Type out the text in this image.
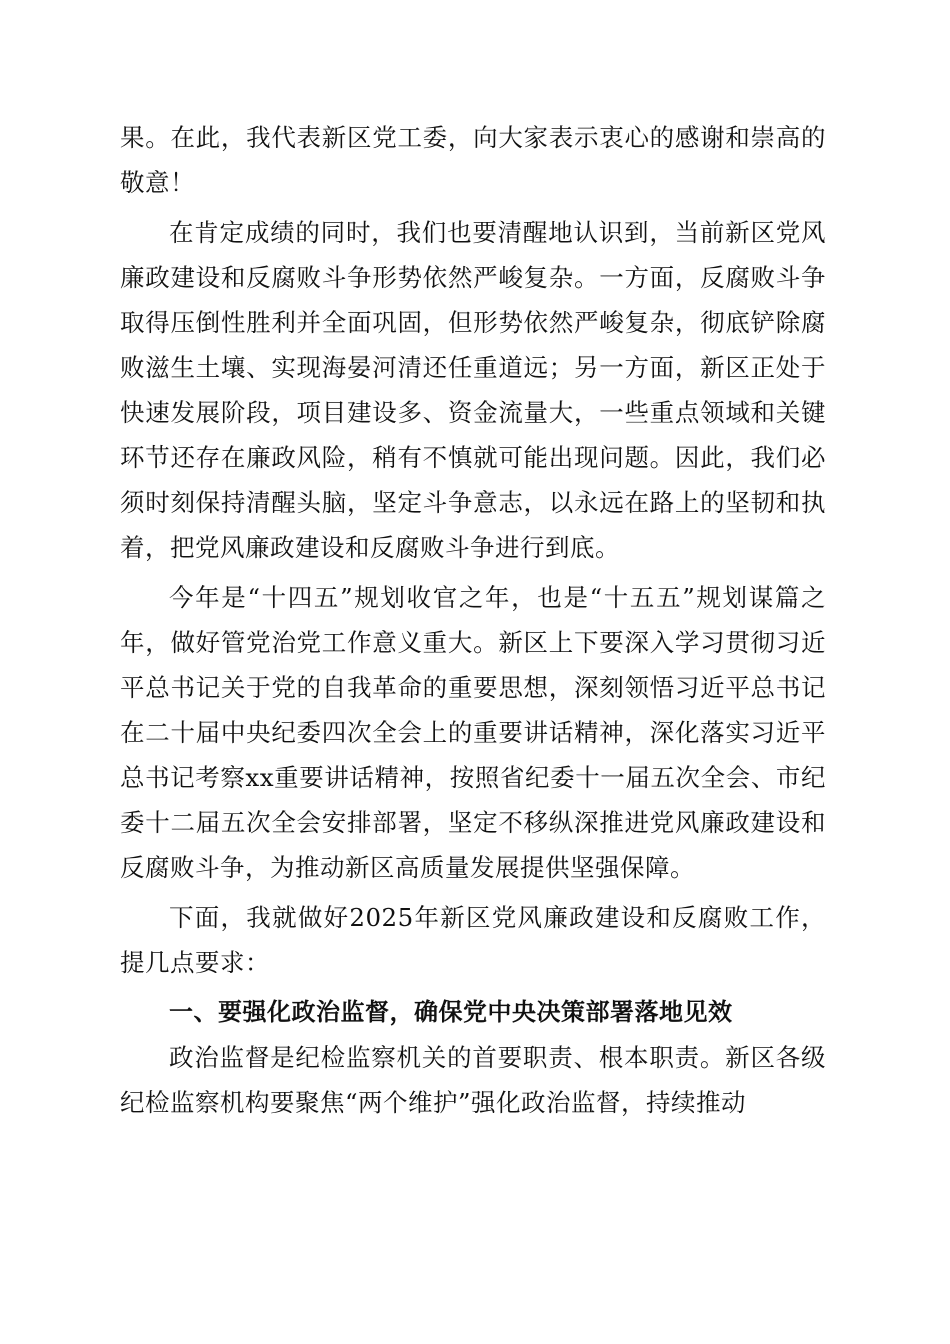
果。在此，我代表新区党工委，向大家表示衷心的感谢和崇高的敬意！

在肯定成绩的同时，我们也要清醒地认识到，当前新区党风廉政建设和反腐败斗争形势依然严峻复杂。一方面，反腐败斗争取得压倒性胜利并全面巩固，但形势依然严峻复杂，彻底铲除腐败滋生土壤、实现海晏河清还任重道远；另一方面，新区正处于快速发展阶段，项目建设多、资金流量大，一些重点领域和关键环节还存在廉政风险，稍有不慎就可能出现问题。因此，我们必须时刻保持清醒头脑，坚定斗争意志，以永远在路上的坚韧和执着，把党风廉政建设和反腐败斗争进行到底。

今年是“十四五”规划收官之年，也是“十五五”规划谋篇之年，做好管党治党工作意义重大。新区上下要深入学习贯彻习近平总书记关于党的自我革命的重要思想，深刻领悟习近平总书记在二十届中央纪委四次全会上的重要讲话精神，深化落实习近平总书记考察xx重要讲话精神，按照省纪委十一届五次全会、市纪委十二届五次全会安排部署，坚定不移纵深推进党风廉政建设和反腐败斗争，为推动新区高质量发展提供坚强保障。

下面，我就做好2025年新区党风廉政建设和反腐败工作，提几点要求：

一、要强化政治监督，确保党中央决策部署落地见效

政治监督是纪检监察机关的首要职责、根本职责。新区各级纪检监察机构要聚焦“两个维护”强化政治监督，持续推动
